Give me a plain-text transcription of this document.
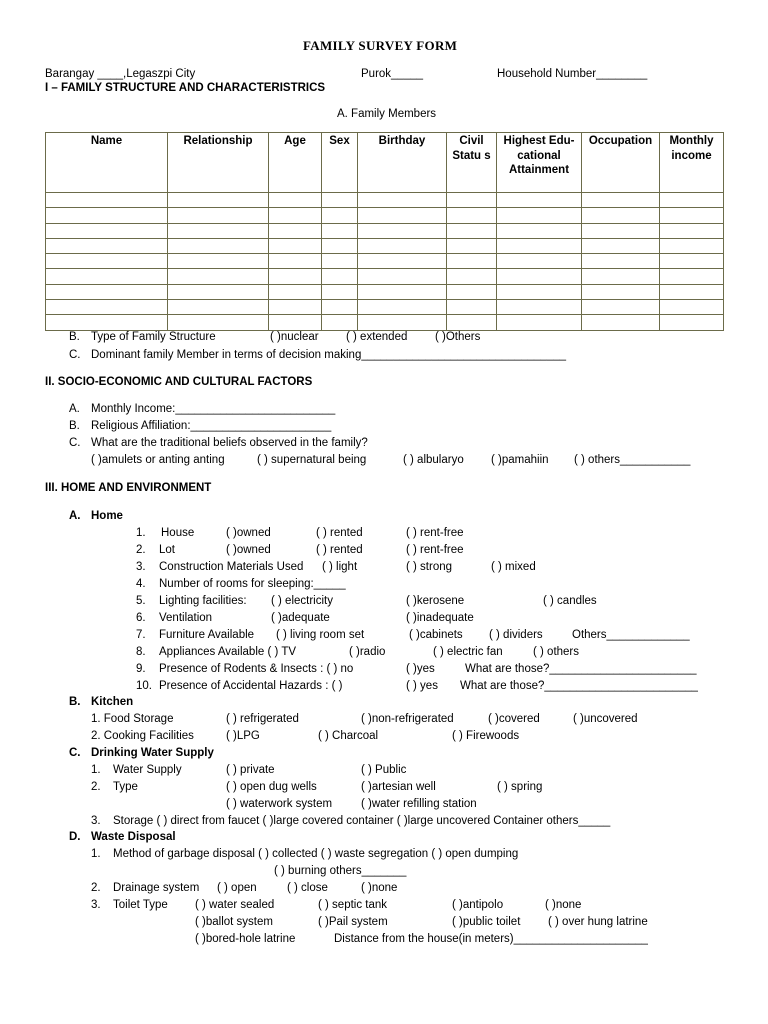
FAMILY SURVEY FORM
Barangay ____,Legaszpi City	Purok_____	Household Number________
I – FAMILY STRUCTURE AND CHARACTERISTRICS
A. Family Members
Name	Relationship	Age	Sex	Birthday	Civil Statu s	Highest Edu- cational Attainment	Occupation	Monthly income

B. Type of Family Structure	( )nuclear ( ) extended ( )Others
C. Dominant family Member in terms of decision making________________________________
II. SOCIO-ECONOMIC AND CULTURAL FACTORS
A. Monthly Income:_________________________
B. Religious Affiliation:______________________
C. What are the traditional beliefs observed in the family?
( )amulets or anting anting	( ) supernatural being	( ) albularyo ( )pamahiin ( ) others___________
III. HOME AND ENVIRONMENT
A. Home
1. House	( )owned	( ) rented	( ) rent-free
2. Lot	( )owned	( ) rented	( ) rent-free
3. Construction Materials Used ( ) light	( ) strong	( ) mixed
4. Number of rooms for sleeping:_____
5. Lighting facilities: ( ) electricity	( )kerosene	( ) candles
6. Ventilation	( )adequate	( )inadequate
7. Furniture Available ( ) living room set	( )cabinets ( ) dividers	Others_____________
8. Appliances Available ( ) TV	( )radio	( ) electric fan	( ) others
9. Presence of Rodents & Insects : ( ) no	( )yes	What are those?_______________________
10. Presence of Accidental Hazards : ( )	( ) yes What are those?________________________
B. Kitchen
1. Food Storage	( ) refrigerated	( )non-refrigerated	( )covered	( )uncovered
2. Cooking Facilities	( )LPG	( ) Charcoal	( ) Firewoods
C. Drinking Water Supply
1. Water Supply	( ) private	( ) Public
2. Type	( ) open dug wells	( )artesian well	( ) spring
( ) waterwork system	( )water refilling station
3. Storage ( ) direct from faucet ( )large covered container ( )large uncovered Container others_____
D. Waste Disposal
1. Method of garbage disposal ( ) collected ( ) waste segregation ( ) open dumping
( ) burning others_______
2. Drainage system ( ) open	( ) close	( )none
3. Toilet Type ( ) water sealed	( ) septic tank	( )antipolo	( )none
( )ballot system	( )Pail system	( )public toilet ( ) over hung latrine
( )bored-hole latrine	Distance from the house(in meters)_____________________
